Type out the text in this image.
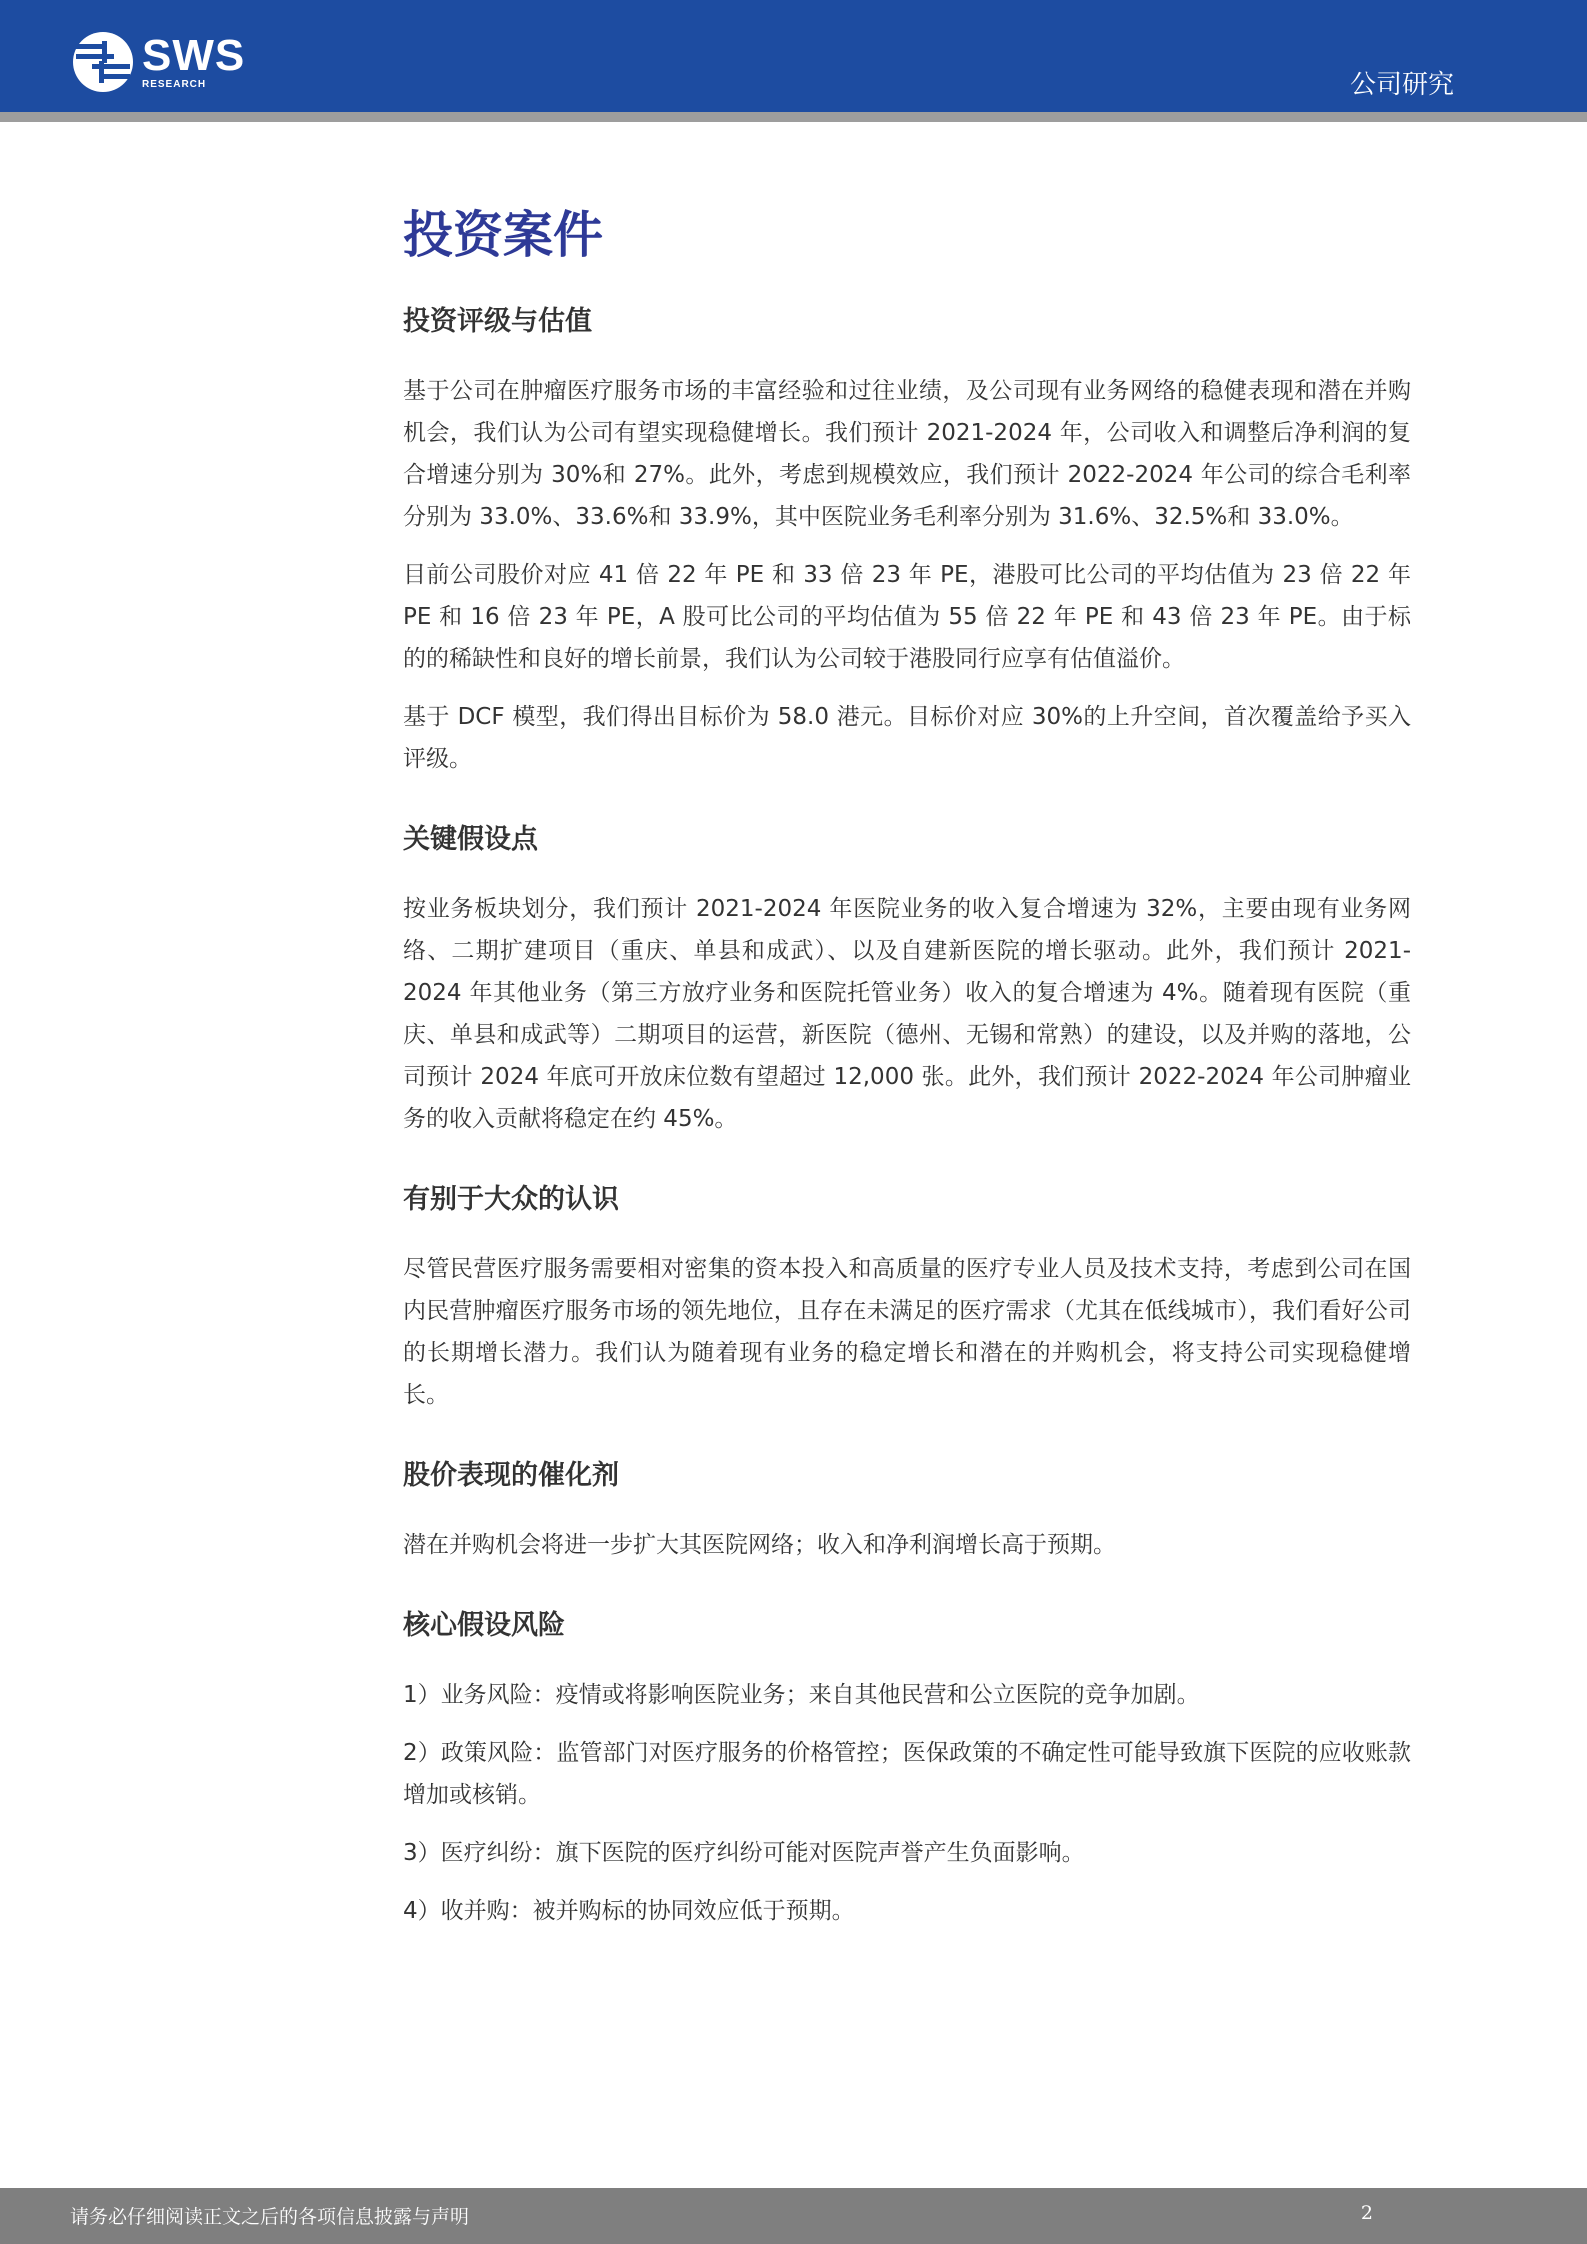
SWS
RESEARCH	公司研究
投资案件
投资评级与估值

基于公司在肿瘤医疗服务市场的丰富经验和过往业绩，及公司现有业务网络的稳健表现和潜在并购机会，我们认为公司有望实现稳健增长。我们预计 2021-2024 年，公司收入和调整后净利润的复合增速分别为 30%和 27%。此外，考虑到规模效应，我们预计 2022-2024 年公司的综合毛利率分别为 33.0%、33.6%和 33.9%，其中医院业务毛利率分别为 31.6%、32.5%和 33.0%。

目前公司股价对应 41 倍 22 年 PE 和 33 倍 23 年 PE，港股可比公司的平均估值为 23 倍 22 年 PE 和 16 倍 23 年 PE，A 股可比公司的平均估值为 55 倍 22 年 PE 和 43 倍 23 年 PE。由于标的的稀缺性和良好的增长前景，我们认为公司较于港股同行应享有估值溢价。

基于 DCF 模型，我们得出目标价为 58.0 港元。目标价对应 30%的上升空间，首次覆盖给予买入评级。

关键假设点

按业务板块划分，我们预计 2021-2024 年医院业务的收入复合增速为 32%，主要由现有业务网络、二期扩建项目（重庆、单县和成武）、以及自建新医院的增长驱动。此外，我们预计 2021-2024 年其他业务（第三方放疗业务和医院托管业务）收入的复合增速为 4%。随着现有医院（重庆、单县和成武等）二期项目的运营，新医院（德州、无锡和常熟）的建设，以及并购的落地，公司预计 2024 年底可开放床位数有望超过 12,000 张。此外，我们预计 2022-2024 年公司肿瘤业务的收入贡献将稳定在约 45%。

有别于大众的认识

尽管民营医疗服务需要相对密集的资本投入和高质量的医疗专业人员及技术支持，考虑到公司在国内民营肿瘤医疗服务市场的领先地位，且存在未满足的医疗需求（尤其在低线城市），我们看好公司的长期增长潜力。我们认为随着现有业务的稳定增长和潜在的并购机会，将支持公司实现稳健增长。

股价表现的催化剂

潜在并购机会将进一步扩大其医院网络；收入和净利润增长高于预期。

核心假设风险

1）业务风险：疫情或将影响医院业务；来自其他民营和公立医院的竞争加剧。

2）政策风险：监管部门对医疗服务的价格管控；医保政策的不确定性可能导致旗下医院的应收账款增加或核销。

3）医疗纠纷：旗下医院的医疗纠纷可能对医院声誉产生负面影响。

4）收并购：被并购标的协同效应低于预期。

请务必仔细阅读正文之后的各项信息披露与声明	2
